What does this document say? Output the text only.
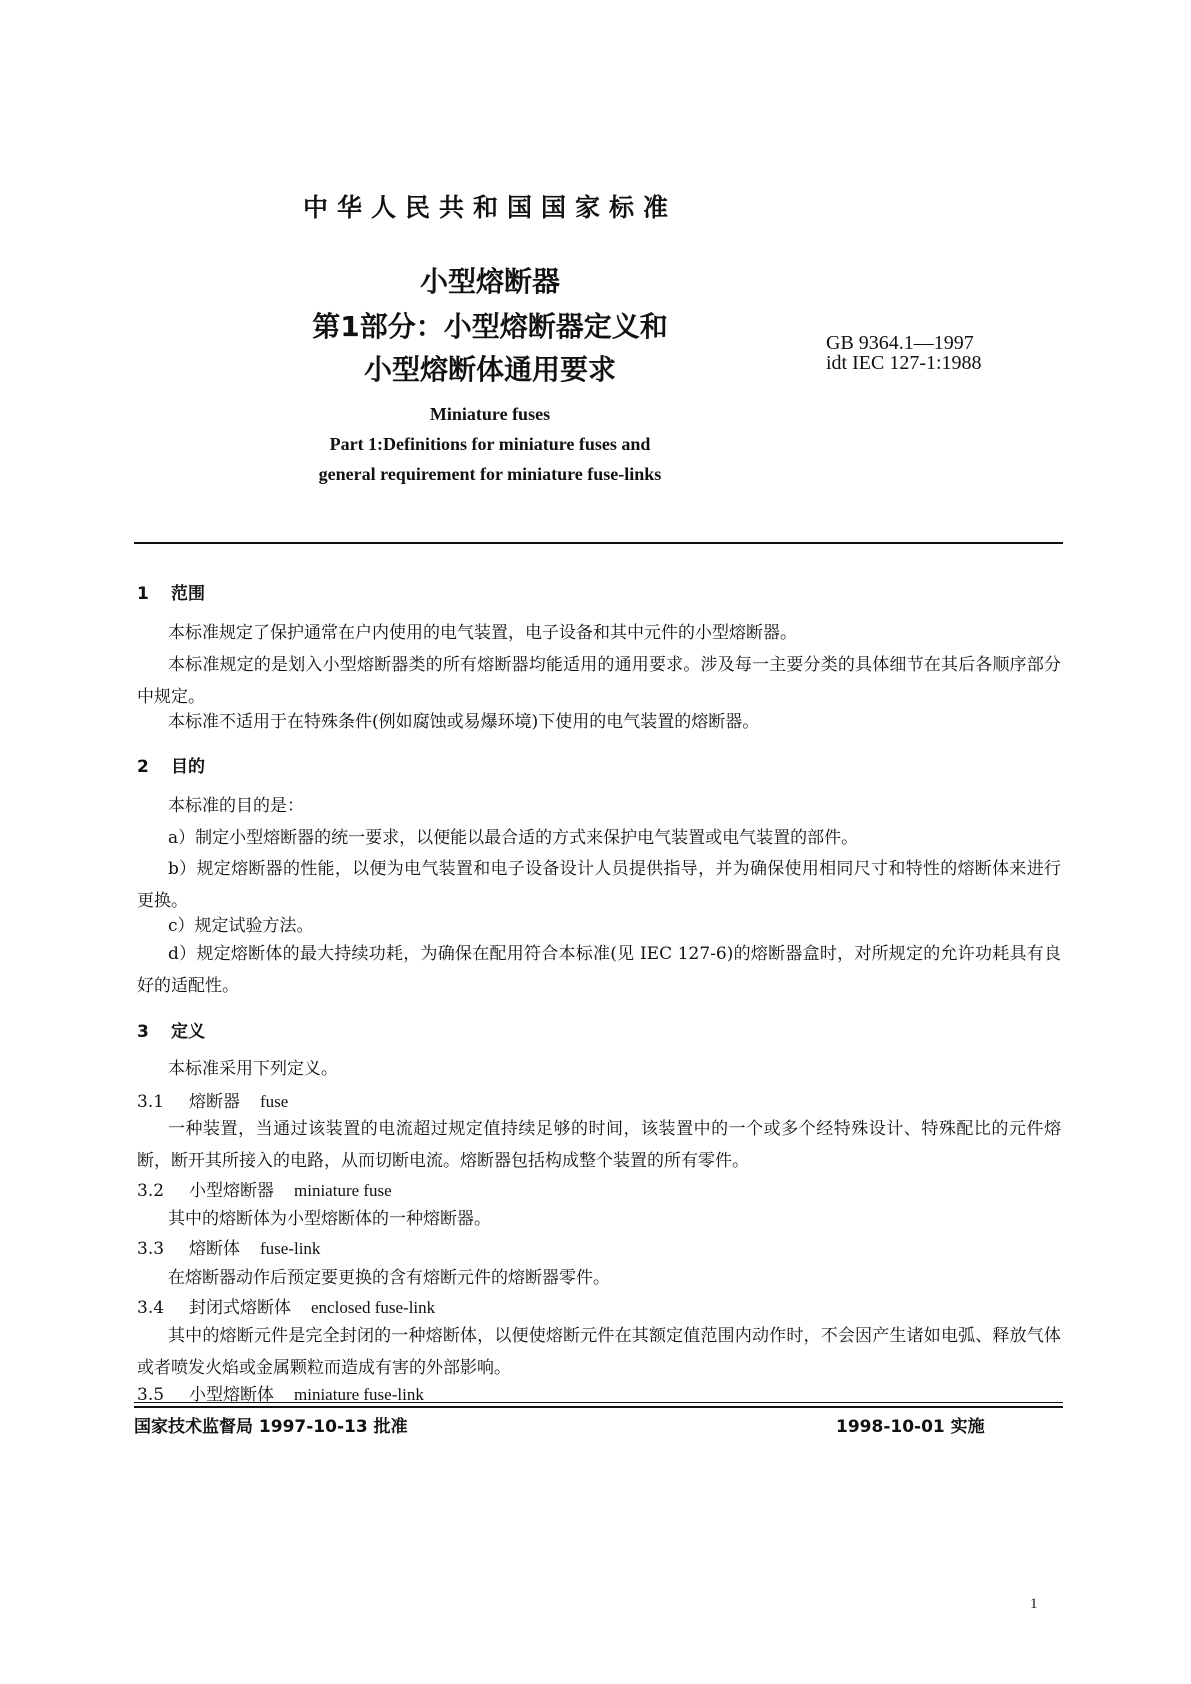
中华人民共和国国家标准
小型熔断器
第1部分：小型熔断器定义和
小型熔断体通用要求
GB 9364.1—1997
idt IEC 127-1:1988
Miniature fuses
Part 1:Definitions for miniature fuses and
general requirement for miniature fuse-links
1 范围
本标准规定了保护通常在户内使用的电气装置，电子设备和其中元件的小型熔断器。
本标准规定的是划入小型熔断器类的所有熔断器均能适用的通用要求。涉及每一主要分类的具体细节在其后各顺序部分中规定。
本标准不适用于在特殊条件(例如腐蚀或易爆环境)下使用的电气装置的熔断器。
2 目的
本标准的目的是：
a）制定小型熔断器的统一要求，以便能以最合适的方式来保护电气装置或电气装置的部件。
b）规定熔断器的性能，以便为电气装置和电子设备设计人员提供指导，并为确保使用相同尺寸和特性的熔断体来进行更换。
c）规定试验方法。
d）规定熔断体的最大持续功耗，为确保在配用符合本标准(见 IEC 127-6)的熔断器盒时，对所规定的允许功耗具有良好的适配性。
3 定义
本标准采用下列定义。
3.1 熔断器 fuse
一种装置，当通过该装置的电流超过规定值持续足够的时间，该装置中的一个或多个经特殊设计、特殊配比的元件熔断，断开其所接入的电路，从而切断电流。熔断器包括构成整个装置的所有零件。
3.2 小型熔断器 miniature fuse
其中的熔断体为小型熔断体的一种熔断器。
3.3 熔断体 fuse-link
在熔断器动作后预定要更换的含有熔断元件的熔断器零件。
3.4 封闭式熔断体 enclosed fuse-link
其中的熔断元件是完全封闭的一种熔断体，以便使熔断元件在其额定值范围内动作时，不会因产生诸如电弧、释放气体或者喷发火焰或金属颗粒而造成有害的外部影响。
3.5 小型熔断体 miniature fuse-link
国家技术监督局 1997-10-13 批准	1998-10-01 实施
1
